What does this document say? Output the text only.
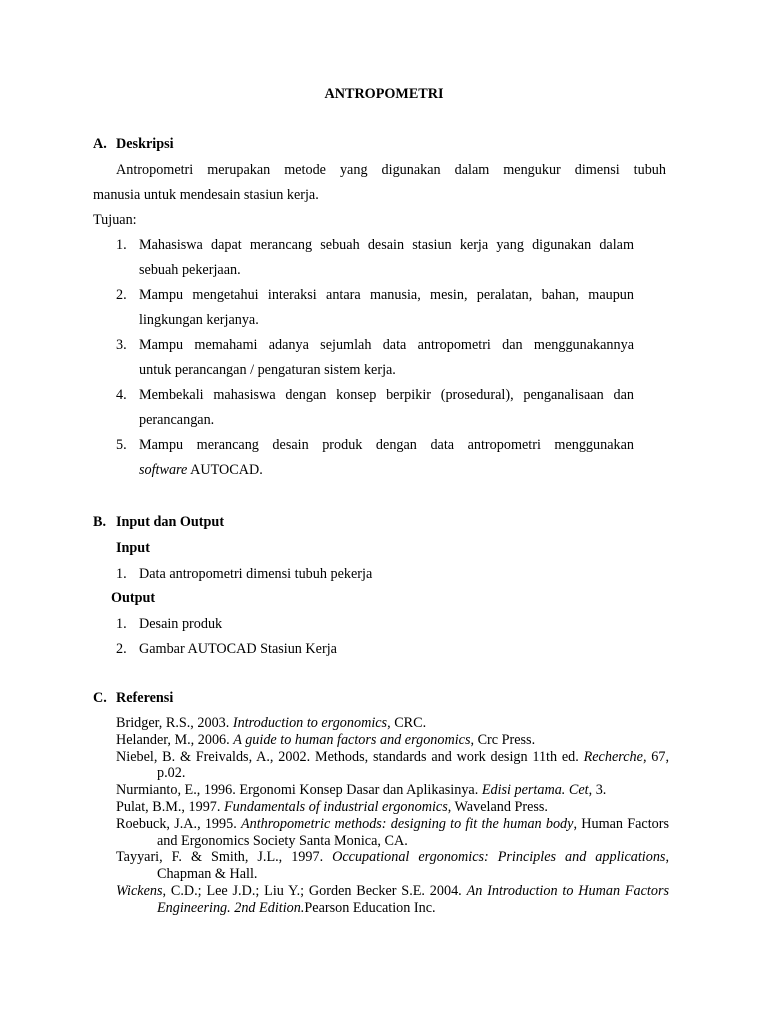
ANTROPOMETRI
A. Deskripsi
Antropometri merupakan metode yang digunakan dalam mengukur dimensi tubuh
manusia untuk mendesain stasiun kerja.
Tujuan:
1. Mahasiswa dapat merancang sebuah desain stasiun kerja yang digunakan dalam
sebuah pekerjaan.
2. Mampu mengetahui interaksi antara manusia, mesin, peralatan, bahan, maupun
lingkungan kerjanya.
3. Mampu memahami adanya sejumlah data antropometri dan menggunakannya
untuk perancangan / pengaturan sistem kerja.
4. Membekali mahasiswa dengan konsep berpikir (prosedural), penganalisaan dan
perancangan.
5. Mampu merancang desain produk dengan data antropometri menggunakan
software AUTOCAD.
B. Input dan Output
Input
1. Data antropometri dimensi tubuh pekerja
Output
1. Desain produk
2. Gambar AUTOCAD Stasiun Kerja
C. Referensi
Bridger, R.S., 2003. Introduction to ergonomics, CRC.
Helander, M., 2006. A guide to human factors and ergonomics, Crc Press.
Niebel, B. & Freivalds, A., 2002. Methods, standards and work design 11th ed. Recherche, 67, p.02.
Nurmianto, E., 1996. Ergonomi Konsep Dasar dan Aplikasinya. Edisi pertama. Cet, 3.
Pulat, B.M., 1997. Fundamentals of industrial ergonomics, Waveland Press.
Roebuck, J.A., 1995. Anthropometric methods: designing to fit the human body, Human Factors and Ergonomics Society Santa Monica, CA.
Tayyari, F. & Smith, J.L., 1997. Occupational ergonomics: Principles and applications, Chapman & Hall.
Wickens, C.D.; Lee J.D.; Liu Y.; Gorden Becker S.E. 2004. An Introduction to Human Factors Engineering. 2nd Edition.Pearson Education Inc.
